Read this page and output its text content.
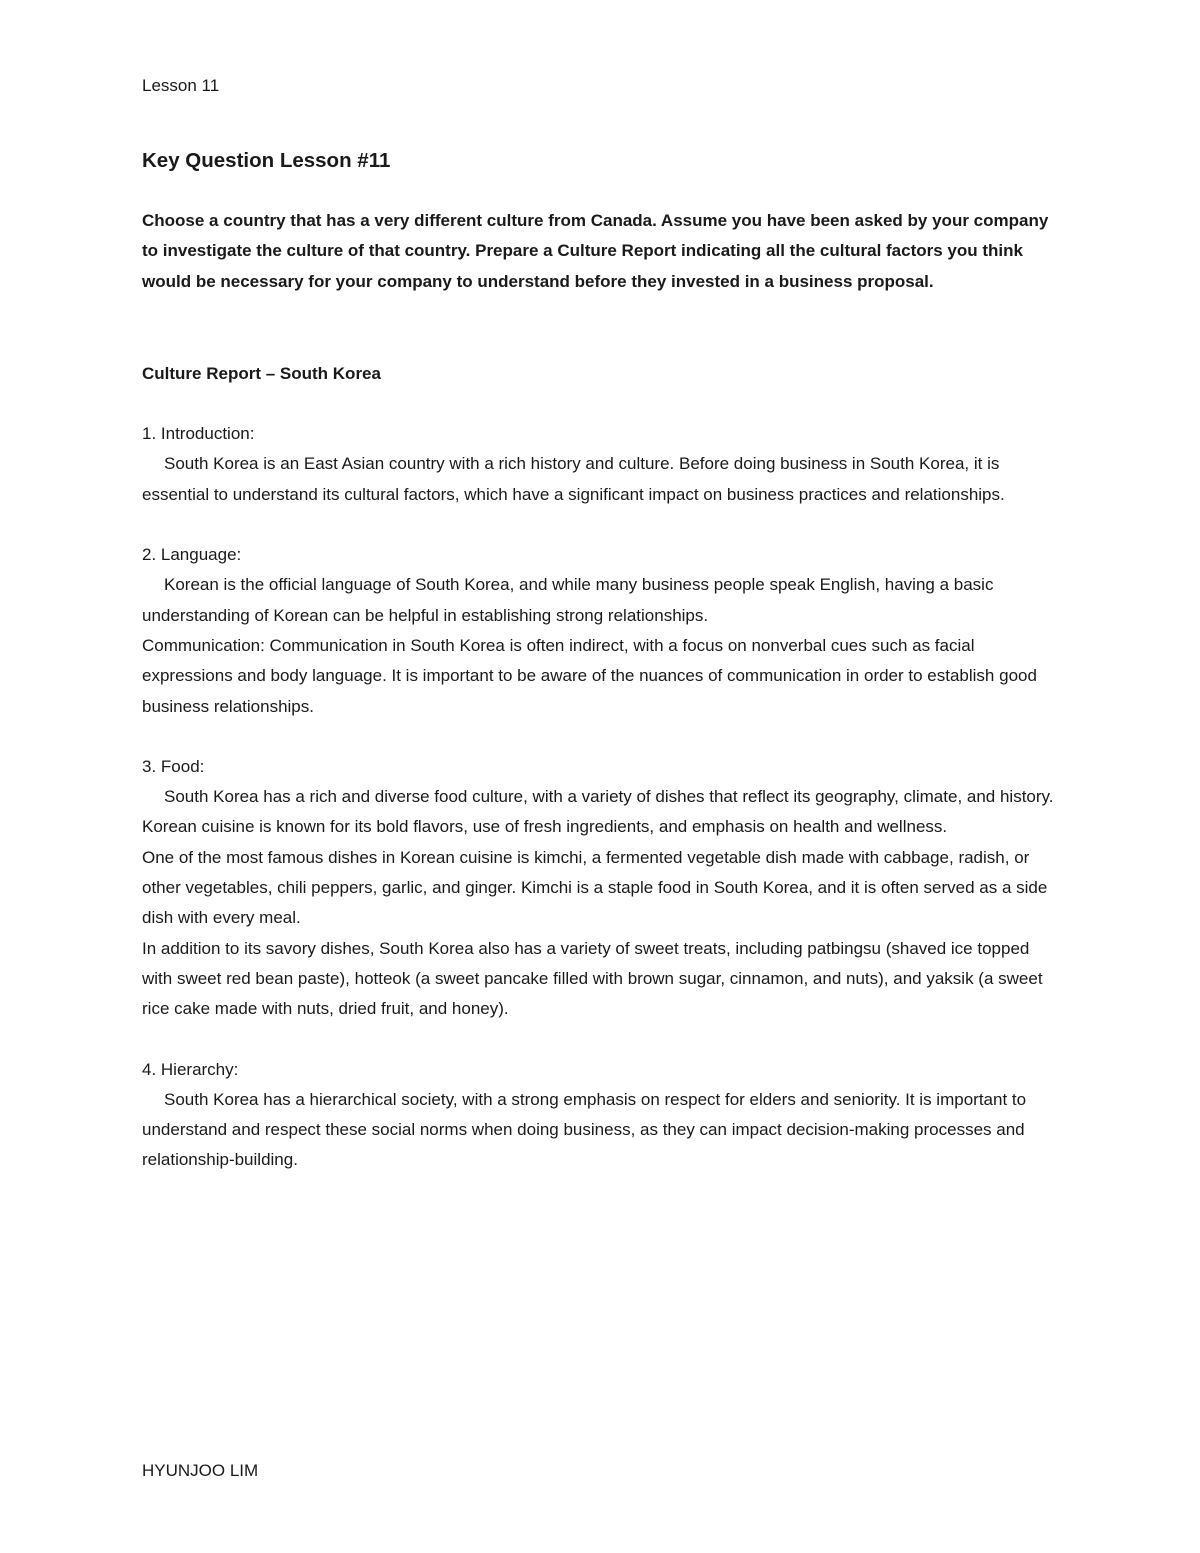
Lesson 11

Key Question Lesson #11

Choose a country that has a very different culture from Canada. Assume you have been asked by your company to investigate the culture of that country. Prepare a Culture Report indicating all the cultural factors you think would be necessary for your company to understand before they invested in a business proposal.

Culture Report – South Korea

1. Introduction:

South Korea is an East Asian country with a rich history and culture. Before doing business in South Korea, it is essential to understand its cultural factors, which have a significant impact on business practices and relationships.

2. Language:

Korean is the official language of South Korea, and while many business people speak English, having a basic understanding of Korean can be helpful in establishing strong relationships.

Communication: Communication in South Korea is often indirect, with a focus on nonverbal cues such as facial expressions and body language. It is important to be aware of the nuances of communication in order to establish good business relationships.

3. Food:

South Korea has a rich and diverse food culture, with a variety of dishes that reflect its geography, climate, and history. Korean cuisine is known for its bold flavors, use of fresh ingredients, and emphasis on health and wellness.

One of the most famous dishes in Korean cuisine is kimchi, a fermented vegetable dish made with cabbage, radish, or other vegetables, chili peppers, garlic, and ginger. Kimchi is a staple food in South Korea, and it is often served as a side dish with every meal.

In addition to its savory dishes, South Korea also has a variety of sweet treats, including patbingsu (shaved ice topped with sweet red bean paste), hotteok (a sweet pancake filled with brown sugar, cinnamon, and nuts), and yaksik (a sweet rice cake made with nuts, dried fruit, and honey).

4. Hierarchy:

South Korea has a hierarchical society, with a strong emphasis on respect for elders and seniority. It is important to understand and respect these social norms when doing business, as they can impact decision-making processes and relationship-building.

HYUNJOO LIM
